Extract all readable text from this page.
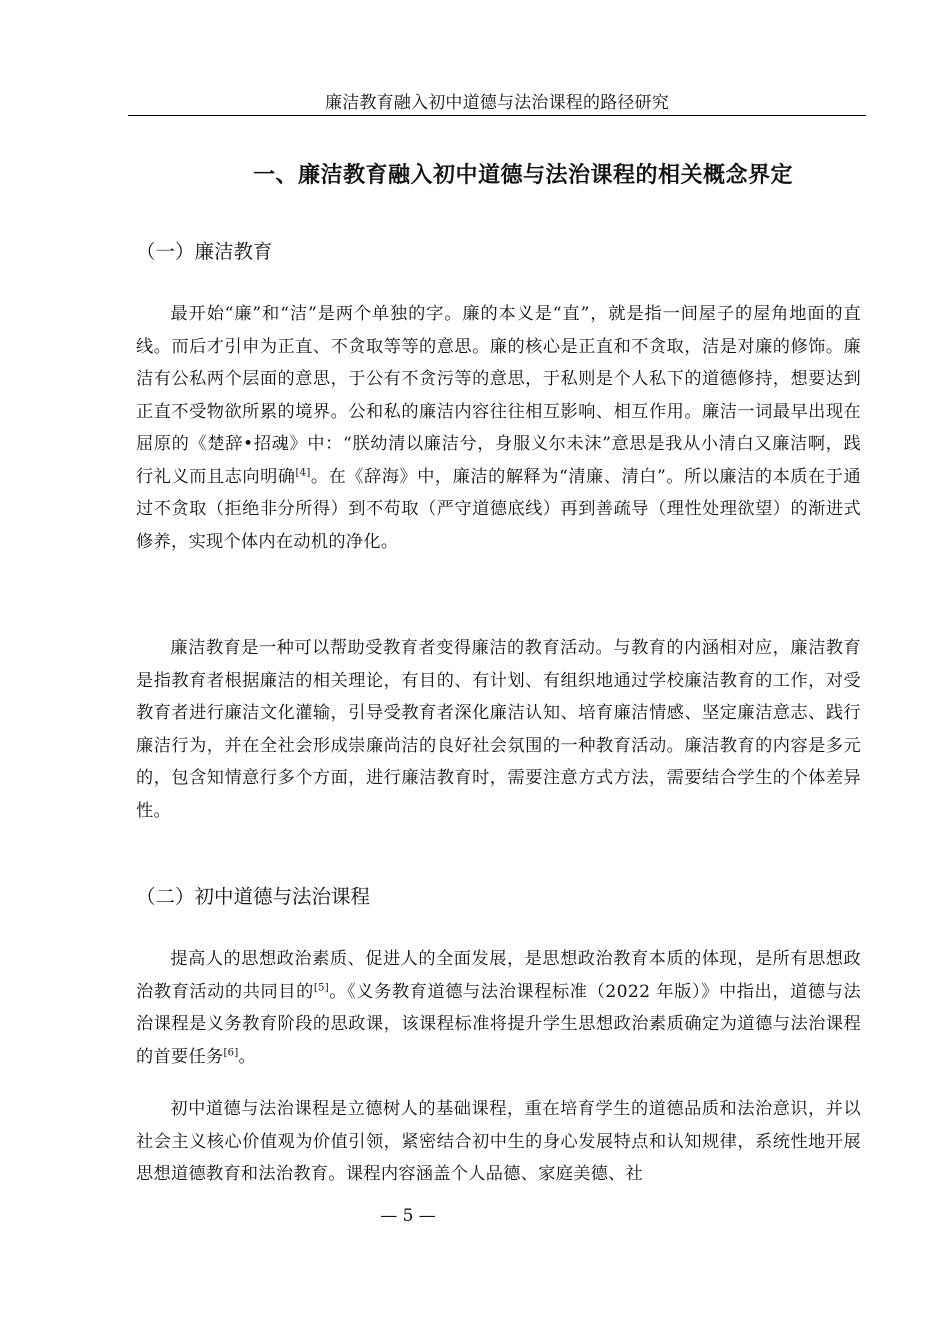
廉洁教育融入初中道德与法治课程的路径研究
一、廉洁教育融入初中道德与法治课程的相关概念界定
（一）廉洁教育

最开始“廉”和“洁”是两个单独的字。廉的本义是“直”，就是指一间屋子的屋角地面的直线。而后才引申为正直、不贪取等等的意思。廉的核心是正直和不贪取，洁是对廉的修饰。廉洁有公私两个层面的意思，于公有不贪污等的意思，于私则是个人私下的道德修持，想要达到正直不受物欲所累的境界。公和私的廉洁内容往往相互影响、相互作用。廉洁一词最早出现在屈原的《楚辞•招魂》中：“朕幼清以廉洁兮，身服义尔未沫”意思是我从小清白又廉洁啊，践行礼义而且志向明确[4]。在《辞海》中，廉洁的解释为“清廉、清白”。所以廉洁的本质在于通过不贪取（拒绝非分所得）到不苟取（严守道德底线）再到善疏导（理性处理欲望）的渐进式修养，实现个体内在动机的净化。

廉洁教育是一种可以帮助受教育者变得廉洁的教育活动。与教育的内涵相对应，廉洁教育是指教育者根据廉洁的相关理论，有目的、有计划、有组织地通过学校廉洁教育的工作，对受教育者进行廉洁文化灌输，引导受教育者深化廉洁认知、培育廉洁情感、坚定廉洁意志、践行廉洁行为，并在全社会形成崇廉尚洁的良好社会氛围的一种教育活动。廉洁教育的内容是多元的，包含知情意行多个方面，进行廉洁教育时，需要注意方式方法，需要结合学生的个体差异性。

（二）初中道德与法治课程

提高人的思想政治素质、促进人的全面发展，是思想政治教育本质的体现，是所有思想政治教育活动的共同目的[5]。《义务教育道德与法治课程标准（2022 年版）》中指出，道德与法治课程是义务教育阶段的思政课，该课程标准将提升学生思想政治素质确定为道德与法治课程的首要任务[6]。

初中道德与法治课程是立德树人的基础课程，重在培育学生的道德品质和法治意识，并以社会主义核心价值观为价值引领，紧密结合初中生的身心发展特点和认知规律，系统性地开展思想道德教育和法治教育。课程内容涵盖个人品德、家庭美德、社

— 5 —
